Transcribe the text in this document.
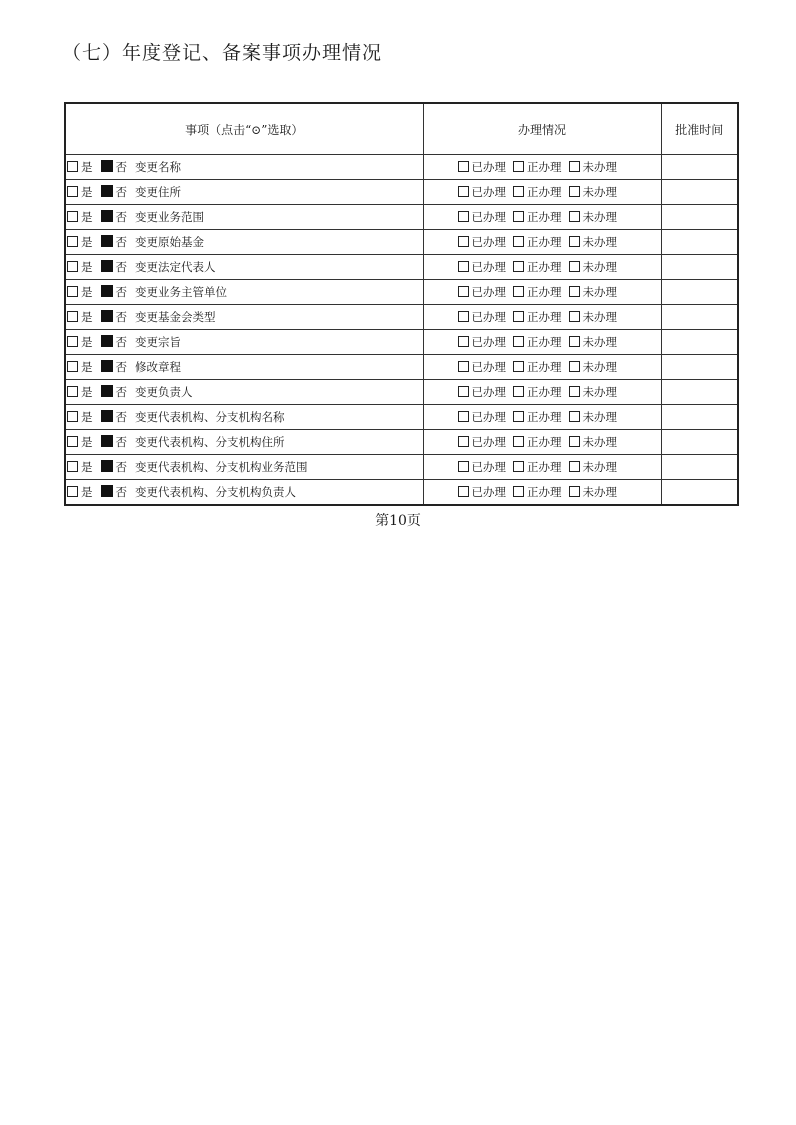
（七）年度登记、备案事项办理情况
事项（点击“⊙”选取）	办理情况	批准时间
是 否 变更名称	已办理 正办理 未办理	
是 否 变更住所	已办理 正办理 未办理	
是 否 变更业务范围	已办理 正办理 未办理	
是 否 变更原始基金	已办理 正办理 未办理	
是 否 变更法定代表人	已办理 正办理 未办理	
是 否 变更业务主管单位	已办理 正办理 未办理	
是 否 变更基金会类型	已办理 正办理 未办理	
是 否 变更宗旨	已办理 正办理 未办理	
是 否 修改章程	已办理 正办理 未办理	
是 否 变更负责人	已办理 正办理 未办理	
是 否 变更代表机构、分支机构名称	已办理 正办理 未办理	
是 否 变更代表机构、分支机构住所	已办理 正办理 未办理	
是 否 变更代表机构、分支机构业务范围	已办理 正办理 未办理	
是 否 变更代表机构、分支机构负责人	已办理 正办理 未办理	
第10页
